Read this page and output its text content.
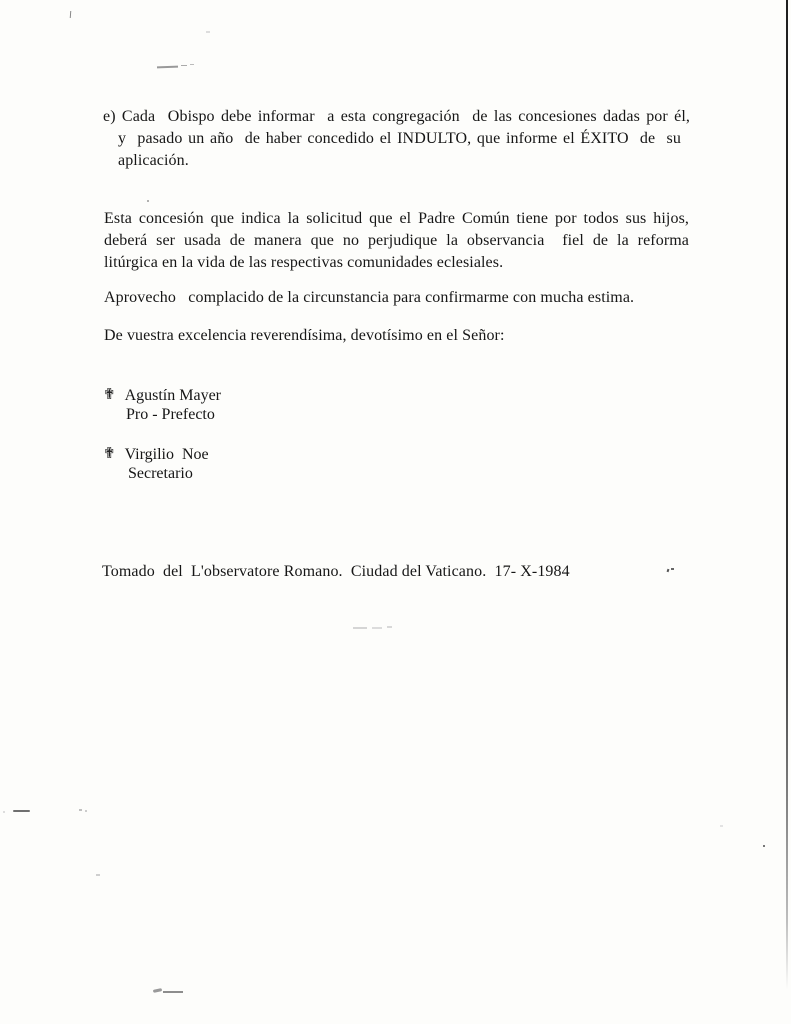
e) Cada  Obispo debe informar  a esta congregación  de las concesiones dadas por él,
y  pasado un año  de haber concedido el INDULTO, que informe el ÉXITO  de  su
aplicación.
Esta concesión que indica la solicitud que el Padre Común tiene por todos sus hijos,
deberá  ser  usada  de  manera  que  no  perjudique  la  observancia    fiel  de  la  reforma
litúrgica en la vida de las respectivas comunidades eclesiales.
Aprovecho   complacido de la circunstancia para confirmarme con mucha estima.
De vuestra excelencia reverendísima, devotísimo en el Señor:
✟ Agustín Mayer
Pro - Prefecto
✟ Virgilio  Noe
Secretario
Tomado  del  L'observatore Romano.  Ciudad del Vaticano.  17- X-1984
